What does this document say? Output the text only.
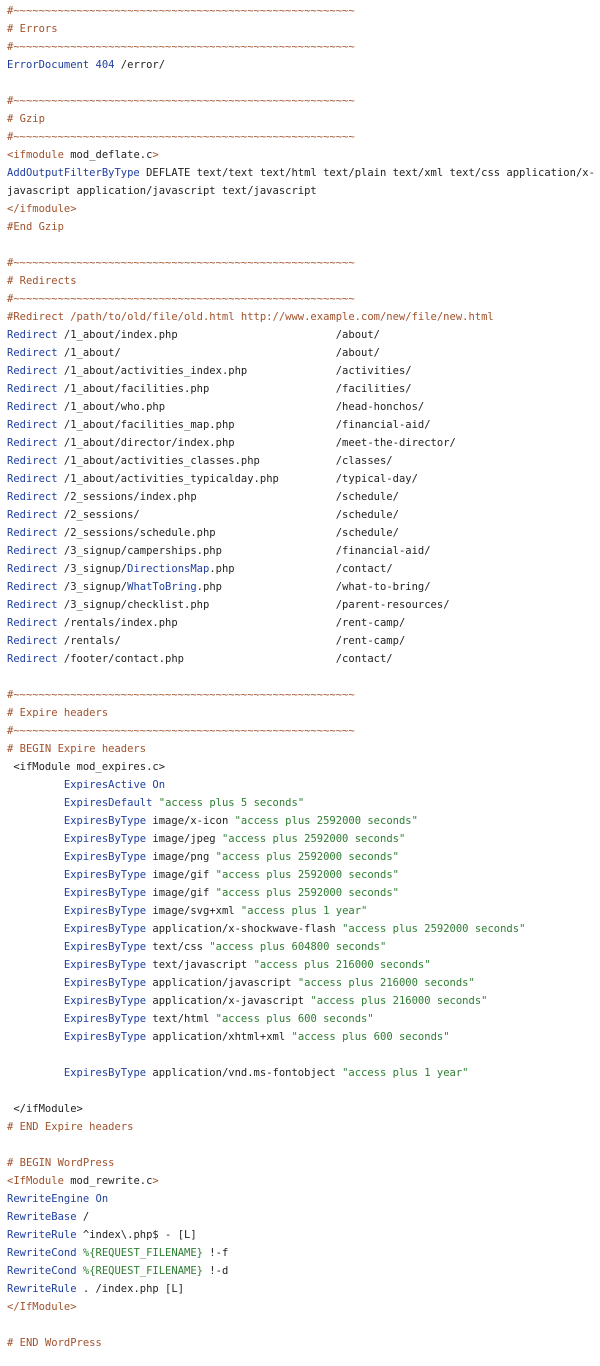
#~~~~~~~~~~~~~~~~~~~~~~~~~~~~~~~~~~~~~~~~~~~~~~~~~~~~~~
# Errors
#~~~~~~~~~~~~~~~~~~~~~~~~~~~~~~~~~~~~~~~~~~~~~~~~~~~~~~
ErrorDocument 404 /error/
#~~~~~~~~~~~~~~~~~~~~~~~~~~~~~~~~~~~~~~~~~~~~~~~~~~~~~~
# Gzip
#~~~~~~~~~~~~~~~~~~~~~~~~~~~~~~~~~~~~~~~~~~~~~~~~~~~~~~
<ifmodule mod_deflate.c>
AddOutputFilterByType DEFLATE text/text text/html text/plain text/xml text/css application/x-
javascript application/javascript text/javascript
</ifmodule>
#End Gzip
#~~~~~~~~~~~~~~~~~~~~~~~~~~~~~~~~~~~~~~~~~~~~~~~~~~~~~~
# Redirects
#~~~~~~~~~~~~~~~~~~~~~~~~~~~~~~~~~~~~~~~~~~~~~~~~~~~~~~
#Redirect /path/to/old/file/old.html http://www.example.com/new/file/new.html
Redirect /1_about/index.php                         /about/
Redirect /1_about/                                  /about/
Redirect /1_about/activities_index.php              /activities/
Redirect /1_about/facilities.php                    /facilities/
Redirect /1_about/who.php                           /head-honchos/
Redirect /1_about/facilities_map.php                /financial-aid/
Redirect /1_about/director/index.php                /meet-the-director/
Redirect /1_about/activities_classes.php            /classes/
Redirect /1_about/activities_typicalday.php         /typical-day/
Redirect /2_sessions/index.php                      /schedule/
Redirect /2_sessions/                               /schedule/
Redirect /2_sessions/schedule.php                   /schedule/
Redirect /3_signup/camperships.php                  /financial-aid/
Redirect /3_signup/DirectionsMap.php                /contact/
Redirect /3_signup/WhatToBring.php                  /what-to-bring/
Redirect /3_signup/checklist.php                    /parent-resources/
Redirect /rentals/index.php                         /rent-camp/
Redirect /rentals/                                  /rent-camp/
Redirect /footer/contact.php                        /contact/
#~~~~~~~~~~~~~~~~~~~~~~~~~~~~~~~~~~~~~~~~~~~~~~~~~~~~~~
# Expire headers
#~~~~~~~~~~~~~~~~~~~~~~~~~~~~~~~~~~~~~~~~~~~~~~~~~~~~~~
# BEGIN Expire headers
<ifModule mod_expires.c>
ExpiresActive On
ExpiresDefault "access plus 5 seconds"
ExpiresByType image/x-icon "access plus 2592000 seconds"
ExpiresByType image/jpeg "access plus 2592000 seconds"
ExpiresByType image/png "access plus 2592000 seconds"
ExpiresByType image/gif "access plus 2592000 seconds"
ExpiresByType image/gif "access plus 2592000 seconds"
ExpiresByType image/svg+xml "access plus 1 year"
ExpiresByType application/x-shockwave-flash "access plus 2592000 seconds"
ExpiresByType text/css "access plus 604800 seconds"
ExpiresByType text/javascript "access plus 216000 seconds"
ExpiresByType application/javascript "access plus 216000 seconds"
ExpiresByType application/x-javascript "access plus 216000 seconds"
ExpiresByType text/html "access plus 600 seconds"
ExpiresByType application/xhtml+xml "access plus 600 seconds"
ExpiresByType application/vnd.ms-fontobject "access plus 1 year"
</ifModule>
# END Expire headers
# BEGIN WordPress
<IfModule mod_rewrite.c>
RewriteEngine On
RewriteBase /
RewriteRule ^index\.php$ - [L]
RewriteCond %{REQUEST_FILENAME} !-f
RewriteCond %{REQUEST_FILENAME} !-d
RewriteRule . /index.php [L]
</IfModule>
# END WordPress
